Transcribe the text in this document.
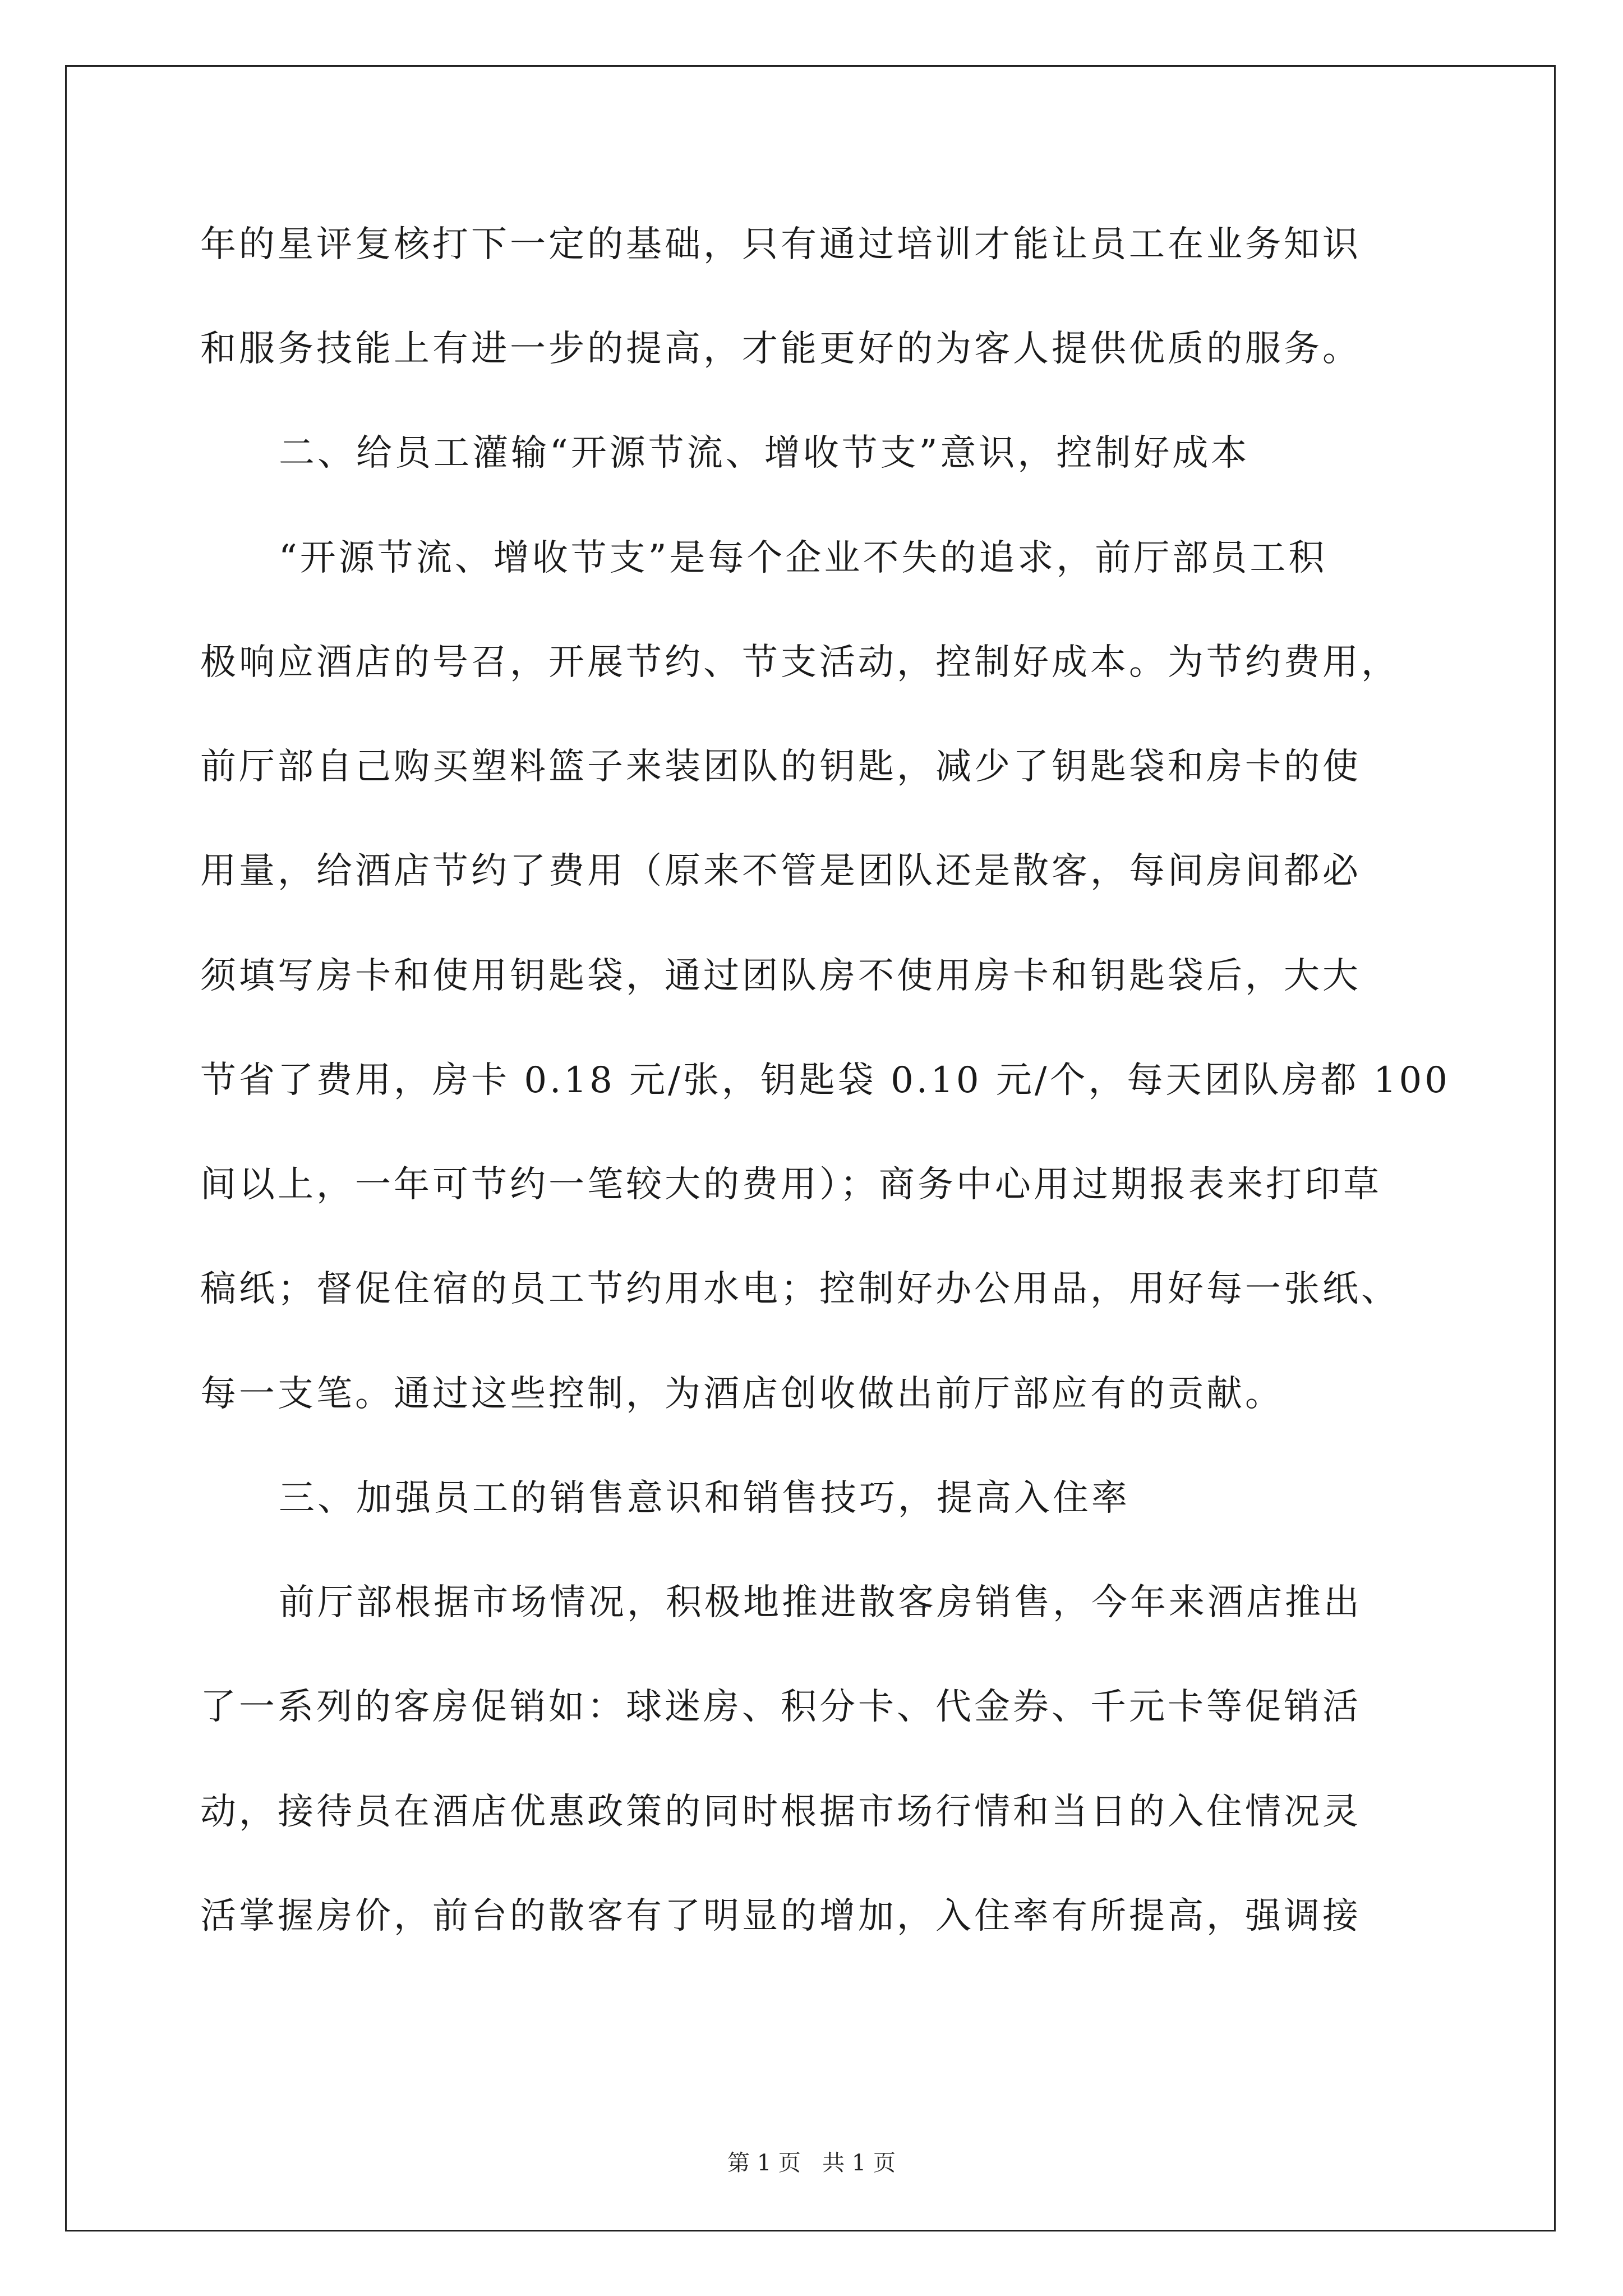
年的星评复核打下一定的基础，只有通过培训才能让员工在业务知识
和服务技能上有进一步的提高，才能更好的为客人提供优质的服务。
二、给员工灌输“开源节流、增收节支”意识，控制好成本
“开源节流、增收节支”是每个企业不失的追求，前厅部员工积
极响应酒店的号召，开展节约、节支活动，控制好成本。为节约费用，
前厅部自己购买塑料篮子来装团队的钥匙，减少了钥匙袋和房卡的使
用量，给酒店节约了费用（原来不管是团队还是散客，每间房间都必
须填写房卡和使用钥匙袋，通过团队房不使用房卡和钥匙袋后，大大
节省了费用，房卡 0.18 元/张，钥匙袋 0.10 元/个，每天团队房都 100
间以上，一年可节约一笔较大的费用）；商务中心用过期报表来打印草
稿纸；督促住宿的员工节约用水电；控制好办公用品，用好每一张纸、
每一支笔。通过这些控制，为酒店创收做出前厅部应有的贡献。
三、加强员工的销售意识和销售技巧，提高入住率
前厅部根据市场情况，积极地推进散客房销售，今年来酒店推出
了一系列的客房促销如：球迷房、积分卡、代金券、千元卡等促销活
动，接待员在酒店优惠政策的同时根据市场行情和当日的入住情况灵
活掌握房价，前台的散客有了明显的增加，入住率有所提高，强调接
第 1 页   共 1 页
